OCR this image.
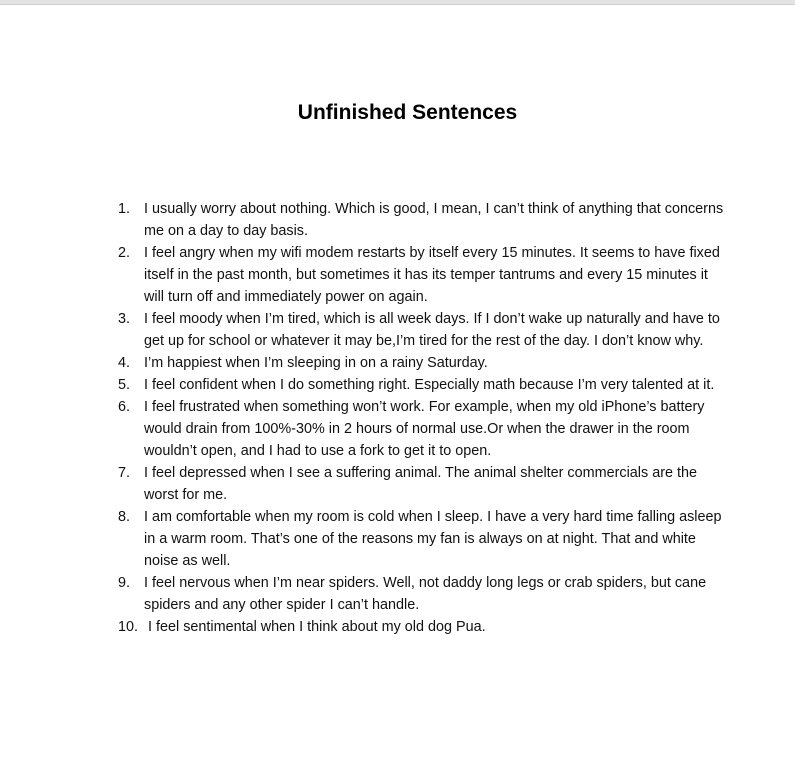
Unfinished Sentences
1. I usually worry about nothing. Which is good, I mean, I can’t think of anything that concerns me on a day to day basis.
2. I feel angry when my wifi modem restarts by itself every 15 minutes. It seems to have fixed itself in the past month, but sometimes it has its temper tantrums and every 15 minutes it will turn off and immediately power on again.
3. I feel moody when I’m tired, which is all week days. If I don’t wake up naturally and have to get up for school or whatever it may be,I’m tired for the rest of the day. I don’t know why.
4. I’m happiest when I’m sleeping in on a rainy Saturday.
5. I feel confident when I do something right. Especially math because I’m very talented at it.
6. I feel frustrated when something won’t work. For example, when my old iPhone’s battery would drain from 100%-30% in 2 hours of normal use.Or when the drawer in the room wouldn’t open, and I had to use a fork to get it to open.
7. I feel depressed when I see a suffering animal. The animal shelter commercials are the worst for me.
8. I am comfortable when my room is cold when I sleep. I have a very hard time falling asleep in a warm room. That’s one of the reasons my fan is always on at night. That and white noise as well.
9. I feel nervous when I’m near spiders. Well, not daddy long legs or crab spiders, but cane spiders and any other spider I can’t handle.
10. I feel sentimental when I think about my old dog Pua.
